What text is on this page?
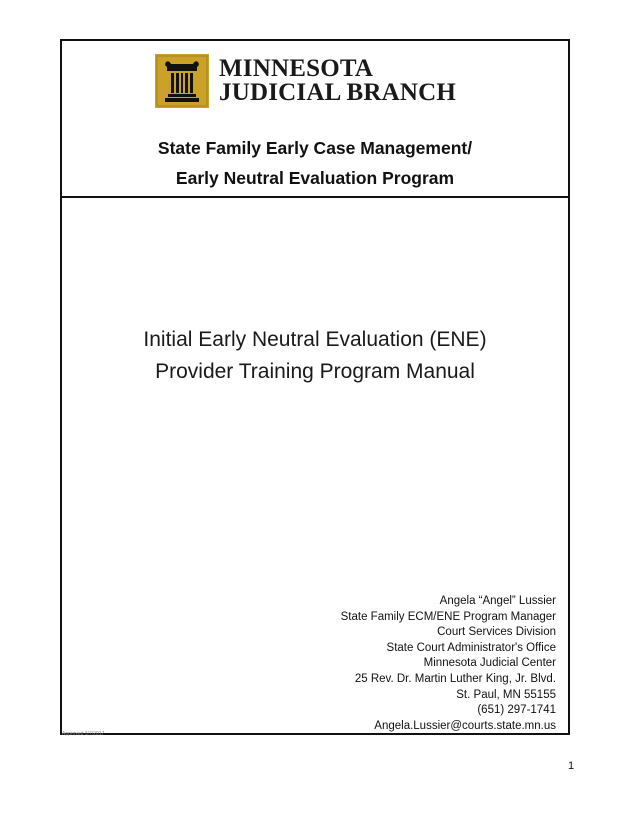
MINNESOTA
JUDICIAL BRANCH
State Family Early Case Management/
Early Neutral Evaluation Program
Initial Early Neutral Evaluation (ENE)
Provider Training Program Manual
Angela “Angel” Lussier
State Family ECM/ENE Program Manager
Court Services Division
State Court Administrator's Office
Minnesota Judicial Center
25 Rev. Dr. Martin Luther King, Jr. Blvd.
St. Paul, MN 55155
(651) 297-1741
Angela.Lussier@courts.state.mn.us
Approved 3/7/2017
1
